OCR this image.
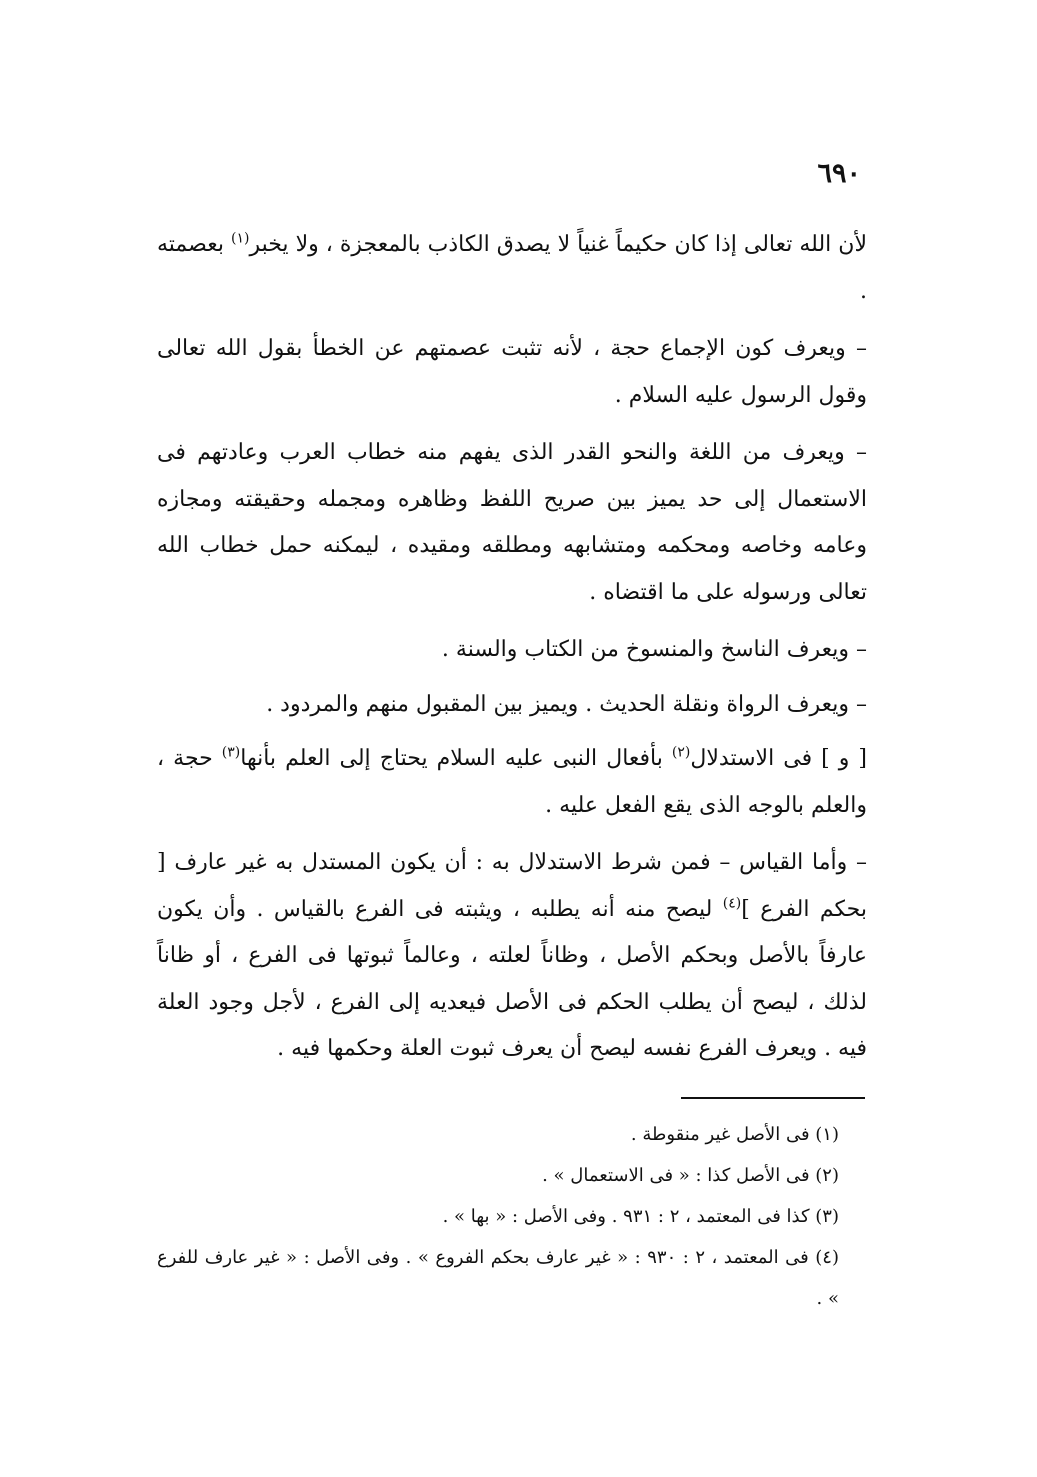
٦٩٠

لأن الله تعالى إذا كان حكيماً غنياً لا يصدق الكاذب بالمعجزة ، ولا يخبر$^{(١)}$ بعصمته .

– ويعرف كون الإجماع حجة ، لأنه تثبت عصمتهم عن الخطأ بقول الله تعالى وقول الرسول عليه السلام .

– ويعرف من اللغة والنحو القدر الذى يفهم منه خطاب العرب وعادتهم فى الاستعمال إلى حد يميز بين صريح اللفظ وظاهره ومجمله وحقيقته ومجازه وعامه وخاصه ومحكمه ومتشابهه ومطلقه ومقيده ، ليمكنه حمل خطاب الله تعالى ورسوله على ما اقتضاه .

– ويعرف الناسخ والمنسوخ من الكتاب والسنة .

– ويعرف الرواة ونقلة الحديث . ويميز بين المقبول منهم والمردود .

[ و ] فى الاستدلال$^{(٢)}$ بأفعال النبى عليه السلام يحتاج إلى العلم بأنها$^{(٣)}$ حجة ، والعلم بالوجه الذى يقع الفعل عليه .

– وأما القياس – فمن شرط الاستدلال به : أن يكون المستدل به غير عارف [ بحكم الفرع ]$^{(٤)}$ ليصح منه أنه يطلبه ، ويثبته فى الفرع بالقياس . وأن يكون عارفاً بالأصل وبحكم الأصل ، وظاناً لعلته ، وعالماً ثبوتها فى الفرع ، أو ظاناً لذلك ، ليصح أن يطلب الحكم فى الأصل فيعديه إلى الفرع ، لأجل وجود العلة فيه . ويعرف الفرع نفسه ليصح أن يعرف ثبوت العلة وحكمها فيه .

(١) فى الأصل غير منقوطة .

(٢) فى الأصل كذا : « فى الاستعمال » .

(٣) كذا فى المعتمد ، ٢ : ٩٣١ . وفى الأصل : « بها » .

(٤) فى المعتمد ، ٢ : ٩٣٠ : « غير عارف بحكم الفروع » . وفى الأصل : « غير عارف للفرع » .
